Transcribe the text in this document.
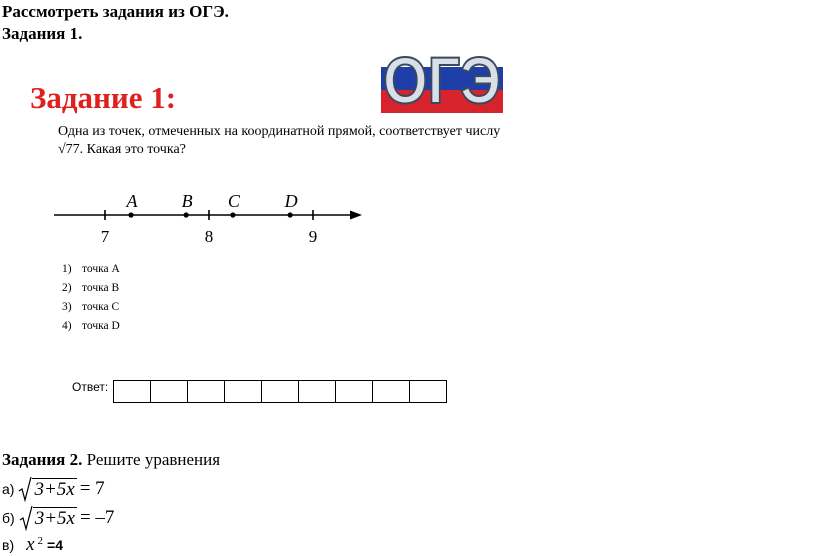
Рассмотреть задания из ОГЭ.
Задания 1.
Задание 1:	ОГЭ
Одна из точек, отмеченных на координатной прямой, соответствует числу
√77. Какая это точка?
7	8	9
A B C D
1) точка A
2) точка B
3) точка C
4) точка D
Ответ:
Задания 2. Решите уравнения
а) 3+5x = 7
б) 3+5x = –7
в) x $^2$ =4
